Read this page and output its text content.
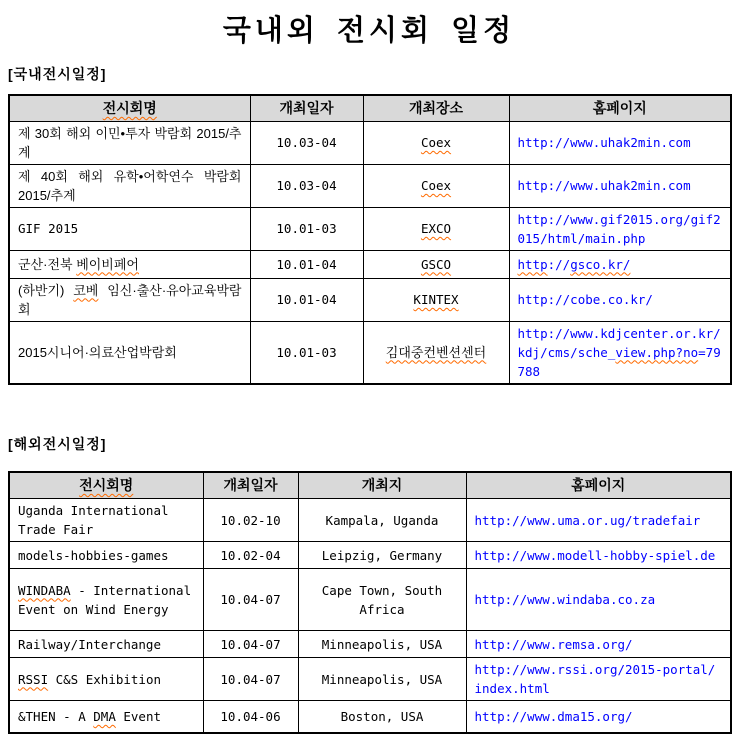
국내외 전시회 일정
[국내전시일정]
전시회명	개최일자	개최장소	홈페이지
제 30회 해외 이민•투자 박람회 2015/추계	10.03-04	Coex	http://www.uhak2min.com
제 40회 해외 유학•어학연수 박람회 2015/추계	10.03-04	Coex	http://www.uhak2min.com
GIF 2015	10.01-03	EXCO	http://www.gif2015.org/gif2015/html/main.php
군산·전북 베이비페어	10.01-04	GSCO	http://gsco.kr/
(하반기) 코베 임신·출산·유아교육박람회	10.01-04	KINTEX	http://cobe.co.kr/
2015시니어·의료산업박람회	10.01-03	김대중컨벤션센터	http://www.kdjcenter.or.kr/kdj/cms/sche_view.php?no=79788
[해외전시일정]
전시회명	개최일자	개최지	홈페이지
Uganda International Trade Fair	10.02-10	Kampala, Uganda	http://www.uma.or.ug/tradefair
models-hobbies-games	10.02-04	Leipzig, Germany	http://www.modell-hobby-spiel.de
WINDABA - International Event on Wind Energy	10.04-07	Cape Town, South Africa	http://www.windaba.co.za
Railway/Interchange	10.04-07	Minneapolis, USA	http://www.remsa.org/
RSSI C&S Exhibition	10.04-07	Minneapolis, USA	http://www.rssi.org/2015-portal/index.html
&THEN - A DMA Event	10.04-06	Boston, USA	http://www.dma15.org/
